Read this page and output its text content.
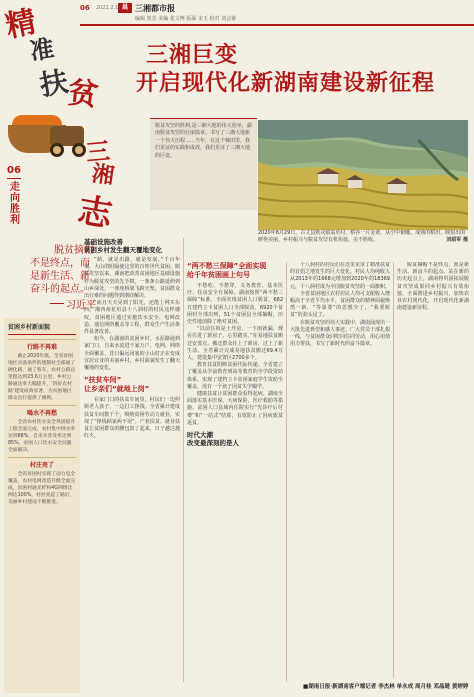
06 2021.2.1 晨 三湘都市报
编辑 贺芳 美编 张文博 版面 宋玉 校对 刘会睿
精
准
扶
贫
三
湘
志
06
走向胜利
脱贫摘帽
不是终点，而
是新生活、新
奋斗的起点。
习近平
三湘巨变
开启现代化新湖南建设新征程
脱贫攻坚的胜利,是三湘大地的伟大创举，湖南脱贫攻坚的壮丽篇章，书写了三湘大地新一个伟大历程……当年，在这个梯田里，我们见证的实践和成效，我们见证了三湘大地的巨变。
2020年8月29日，古丈县默戎镇翁草村，稻谷一片金黄，从空中俯瞰，成熟的稻田，映射出的鲜艳美丽，乡村振兴与脱贫攻坚有机衔接，美不胜收。	刘甜军 摄
贫困乡村新面貌
行路不再难
截止2020年底，全省贫困地区具备条件的建制村全部通了硬化路、通了客车，农村公路总里程达到23.6万公里，乡村公路通达率大幅提升，‘四好农村路’建设成效显著，为贫困地区群众出行提供了便利。
喝水不再愁
全省农村饮水安全巩固提升工程全面完成，农村集中供水率达到88%，自来水普及率达到85%，贫困人口饮水安全问题全面解决。
村庄亮了
全省贫困村实现了动力电全覆盖，农村电网改造升级全面完成，贫困村通光纤和4G网络比例达100%，村村亮起了路灯，美丽乡村建设不断推进。
基础设施改善
贫困乡村发生翻天覆地变化

“路，就是出路，就是发展。”千百年来，大山的阻隔使这里的百姓世代贫困。脱贫攻坚以来，湖南把改善贫困地区基础设施作为脱贫攻坚的先手棋，一条条公路延伸到山乡深处，一座座桥梁飞跨天堑，贫困群众出行难的问题得到彻底解决。

“而且天天见到了阳光，还能上网买东西。”湘西州花垣县十八洞村的村民这样感叹。贫困地区通过实施饮水安全、电网改造、通信网络覆盖等工程，群众生产生活条件显著改善。

如今，在湖南的贫困乡村，水泥路通到家门口，自来水流进千家万户，电网、网络全面覆盖，昔日偏远闭塞的小山村正在变成宜居宜业的美丽乡村，乡村面貌发生了翻天覆地的变化。

“扶贫车间”
让乡亲们“就地上岗”

在家门口的扶贫车间里，村民们一边照顾老人孩子，一边打工挣钱。全省累计建成扶贫车间数千个，吸纳贫困劳动力就业，实现了“挣钱顾家两不误”。产业扶贫、就业扶贫让贫困群众的腰包鼓了起来，日子越过越红火。

“两不愁三保障”全面实现
给千年贫困画上句号

不愁吃、不愁穿，义务教育、基本医疗、住房安全有保障。湖南按照“两不愁三保障”标准，全面实现贫困人口脱贫，682万建档立卡贫困人口全部脱贫，6920个贫困村全部出列，51个贫困县全部摘帽，历史性地消除了绝对贫困。

“以前住的是土坯房，一下雨就漏，现在住进了新房子，心里踏实。”在易地扶贫搬迁安置点，搬迁群众住上了新房，过上了新生活。全省累计完成易地扶贫搬迁69.4万人，建设集中安置区2700多个。

教育扶贫阻断贫困代际传递。全省建立了覆盖从学前教育到高等教育的全学段资助体系，实现了建档立卡贫困家庭学生资助全覆盖，没有一个孩子因贫失学辍学。

健康扶贫让贫困群众看得起病。湖南全面落实基本医保、大病保险、医疗救助等措施，贫困人口县域内住院实行“先诊疗后付费”和“一站式”结算，有效防止了因病致贫返贫。

时代大潮
改变最深刻的是人

十八洞村的村民们在这里见证了精准扶贫的首倡之地发生的巨大变化。村民人均纯收入从2013年的1668元增加到2020年的18369元，十八洞村成为全国脱贫攻坚的一面旗帜。

全省贫困地区农村居民人均可支配收入增幅高于全省平均水平，贫困群众的精神面貌焕然一新，“等靠要”的思想少了，“我要脱贫”的劲头足了。

在脱贫攻坚的伟大实践中，湖南涌现出一大批先进典型和感人事迹。广大党员干部扎根一线，与贫困群众同吃同住同劳动，用心用情用力帮扶，书写了新时代的奋斗篇章。

脱贫摘帽不是终点，而是新生活、新奋斗的起点。站在新的历史起点上，湖南将巩固拓展脱贫攻坚成果同乡村振兴有效衔接，全面推进乡村振兴，加快农业农村现代化，开启现代化新湖南建设新征程。

■湖南日报·新湖南客户端记者 李杰林 单永成 周月桂 邓晶琎 黄婷婷
